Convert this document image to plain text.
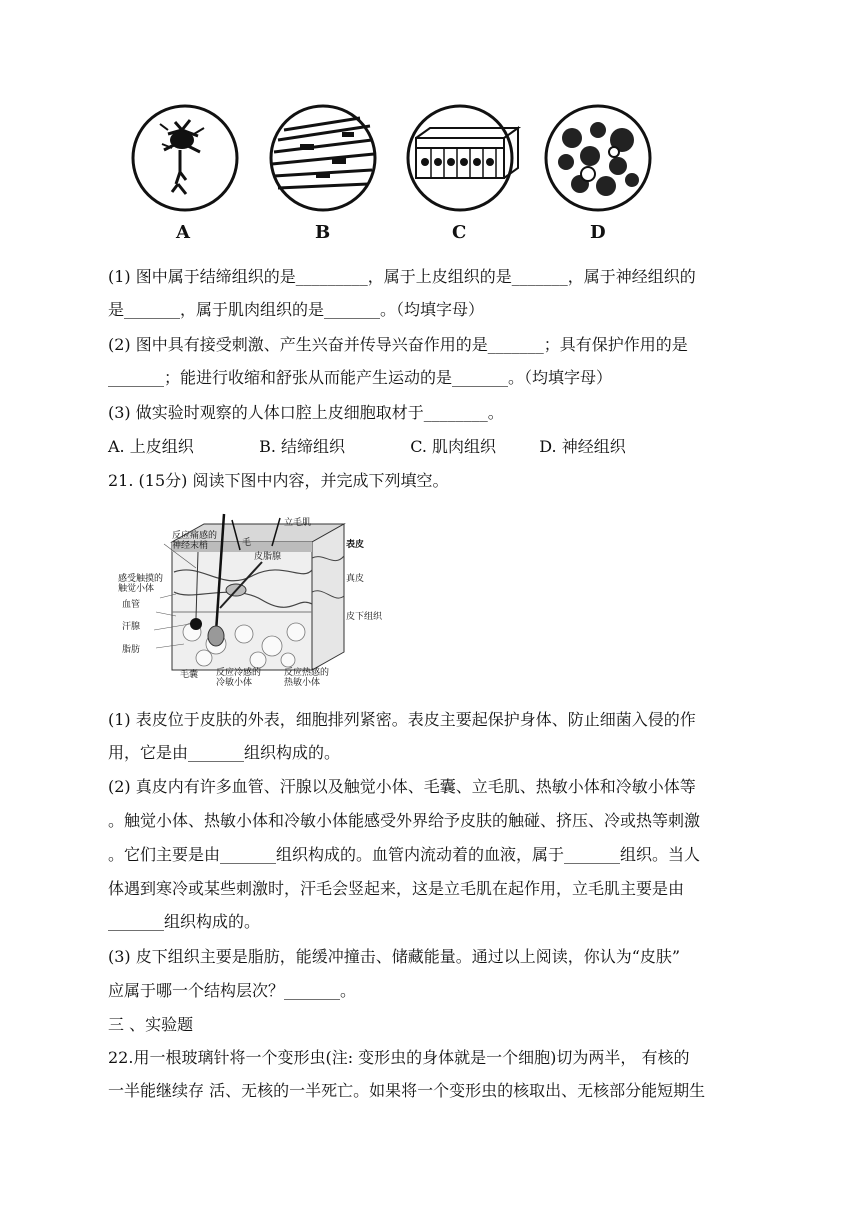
A	B	C	D
(1) 图中属于结缔组织的是_________，属于上皮组织的是_______，属于神经组织的
是_______，属于肌肉组织的是_______。（均填字母）
(2) 图中具有接受刺激、产生兴奋并传导兴奋作用的是_______；具有保护作用的是
_______；能进行收缩和舒张从而能产生运动的是_______。（均填字母）
(3) 做实验时观察的人体口腔上皮细胞取材于________。
A. 上皮组织	B. 结缔组织	C. 肌肉组织	D. 神经组织
21. (15分) 阅读下图中内容，并完成下列填空。
反应痛感的
神经末梢	毛
立毛肌
皮脂腺
表皮
真皮
皮下组织
感受触摸的
触觉小体
血管
汗腺
脂肪
毛囊 反应冷感的
冷敏小体
反应热感的
热敏小体
(1) 表皮位于皮肤的外表，细胞排列紧密。表皮主要起保护身体、防止细菌入侵的作
用，它是由_______组织构成的。
(2) 真皮内有许多血管、汗腺以及触觉小体、毛囊、立毛肌、热敏小体和冷敏小体等
。触觉小体、热敏小体和冷敏小体能感受外界给予皮肤的触碰、挤压、冷或热等刺激
。它们主要是由_______组织构成的。血管内流动着的血液，属于_______组织。当人
体遇到寒冷或某些刺激时，汗毛会竖起来，这是立毛肌在起作用，立毛肌主要是由
_______组织构成的。
(3) 皮下组织主要是脂肪，能缓冲撞击、储藏能量。通过以上阅读，你认为“皮肤”
应属于哪一个结构层次？_______。
三 、实验题
22.用一根玻璃针将一个变形虫(注: 变形虫的身体就是一个细胞)切为两半， 有核的
一半能继续存 活、无核的一半死亡。如果将一个变形虫的核取出、无核部分能短期生
